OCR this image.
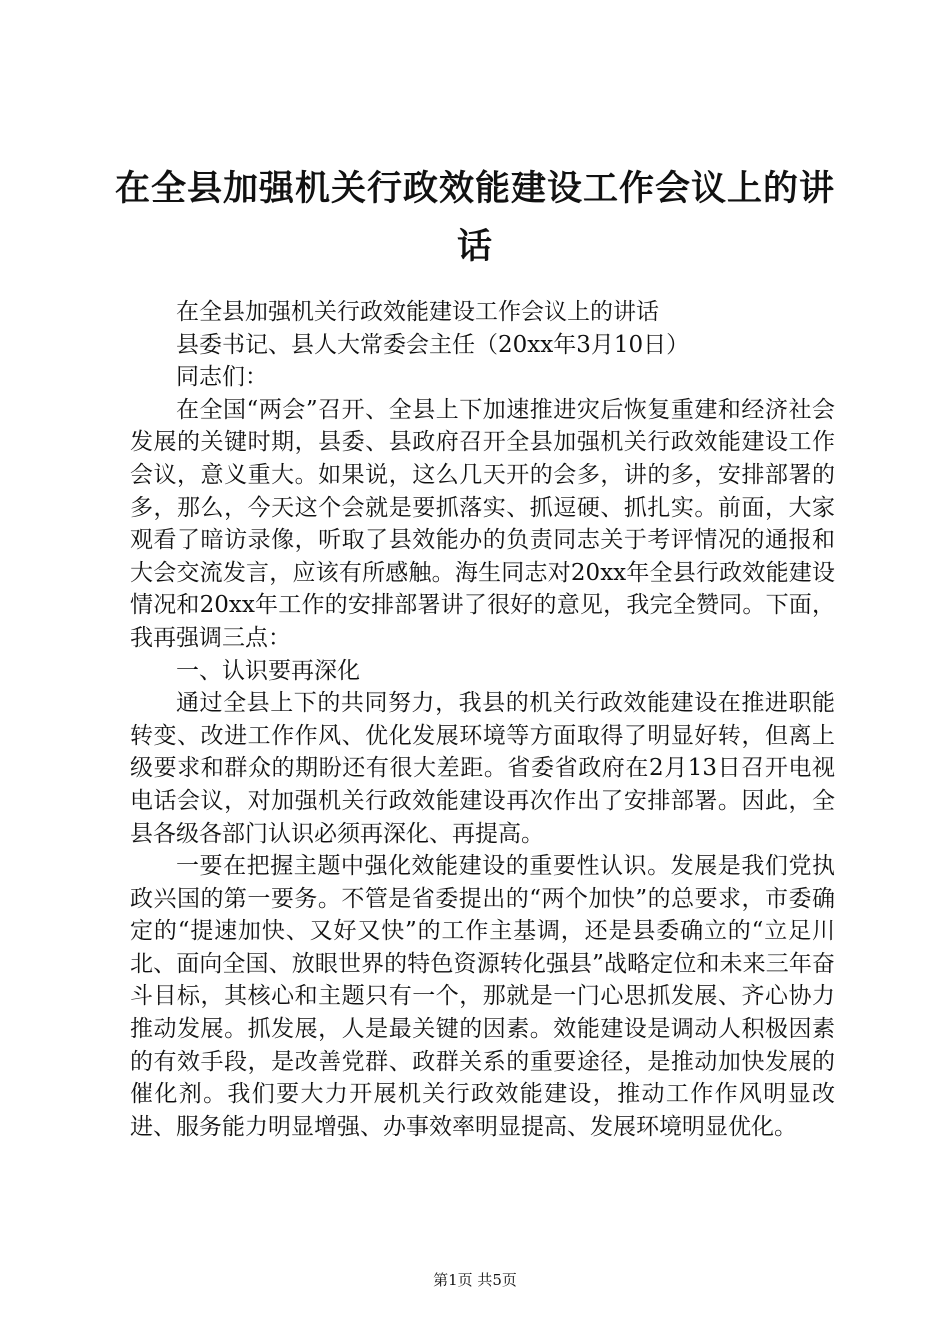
在全县加强机关行政效能建设工作会议上的讲话

在全县加强机关行政效能建设工作会议上的讲话

县委书记、县人大常委会主任（20xx年3月10日）

同志们：

在全国“两会”召开、全县上下加速推进灾后恢复重建和经济社会发展的关键时期，县委、县政府召开全县加强机关行政效能建设工作会议，意义重大。如果说，这么几天开的会多，讲的多，安排部署的多，那么，今天这个会就是要抓落实、抓逗硬、抓扎实。前面，大家观看了暗访录像，听取了县效能办的负责同志关于考评情况的通报和大会交流发言，应该有所感触。海生同志对20xx年全县行政效能建设情况和20xx年工作的安排部署讲了很好的意见，我完全赞同。下面，我再强调三点：

一、认识要再深化

通过全县上下的共同努力，我县的机关行政效能建设在推进职能转变、改进工作作风、优化发展环境等方面取得了明显好转，但离上级要求和群众的期盼还有很大差距。省委省政府在2月13日召开电视电话会议，对加强机关行政效能建设再次作出了安排部署。因此，全县各级各部门认识必须再深化、再提高。

一要在把握主题中强化效能建设的重要性认识。发展是我们党执政兴国的第一要务。不管是省委提出的“两个加快”的总要求，市委确定的“提速加快、又好又快”的工作主基调，还是县委确立的“立足川北、面向全国、放眼世界的特色资源转化强县”战略定位和未来三年奋斗目标，其核心和主题只有一个，那就是一门心思抓发展、齐心协力推动发展。抓发展，人是最关键的因素。效能建设是调动人积极因素的有效手段，是改善党群、政群关系的重要途径，是推动加快发展的催化剂。我们要大力开展机关行政效能建设，推动工作作风明显改进、服务能力明显增强、办事效率明显提高、发展环境明显优化。

第1页 共5页
